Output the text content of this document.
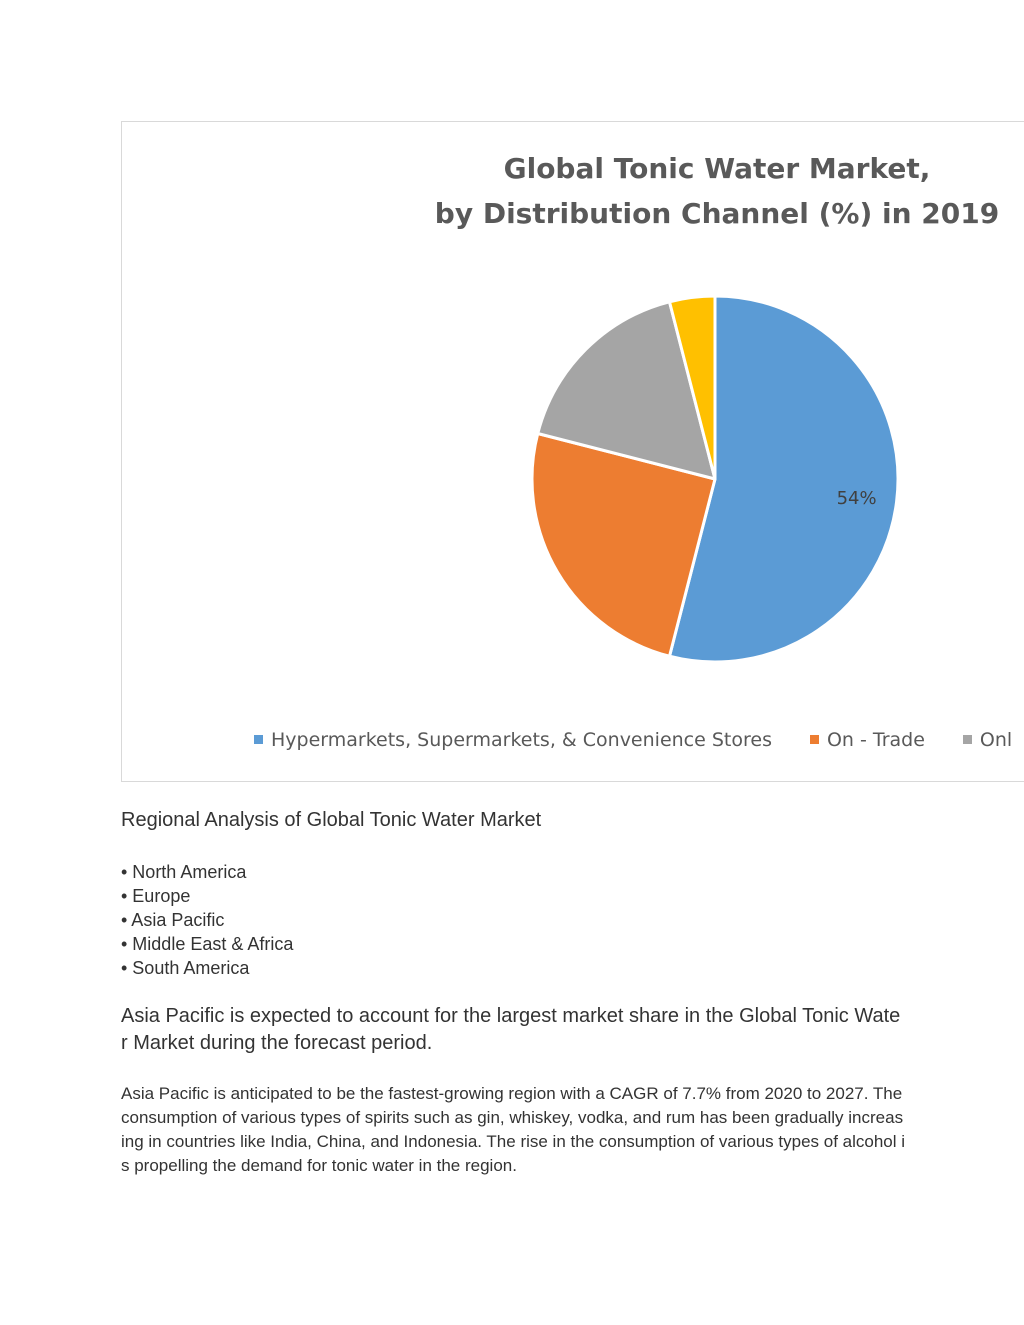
Global Tonic Water Market,
by Distribution Channel (%) in 2019
54%
Hypermarkets, Supermarkets, & Convenience Stores	On - Trade	Onl
Regional Analysis of Global Tonic Water Market
• North America
• Europe
• Asia Pacific
• Middle East & Africa
• South America

Asia Pacific is expected to account for the largest market share in the Global Tonic Water Market during the forecast period.

Asia Pacific is anticipated to be the fastest-growing region with a CAGR of 7.7% from 2020 to 2027. The consumption of various types of spirits such as gin, whiskey, vodka, and rum has been gradually increasing in countries like India, China, and Indonesia. The rise in the consumption of various types of alcohol is propelling the demand for tonic water in the region.
